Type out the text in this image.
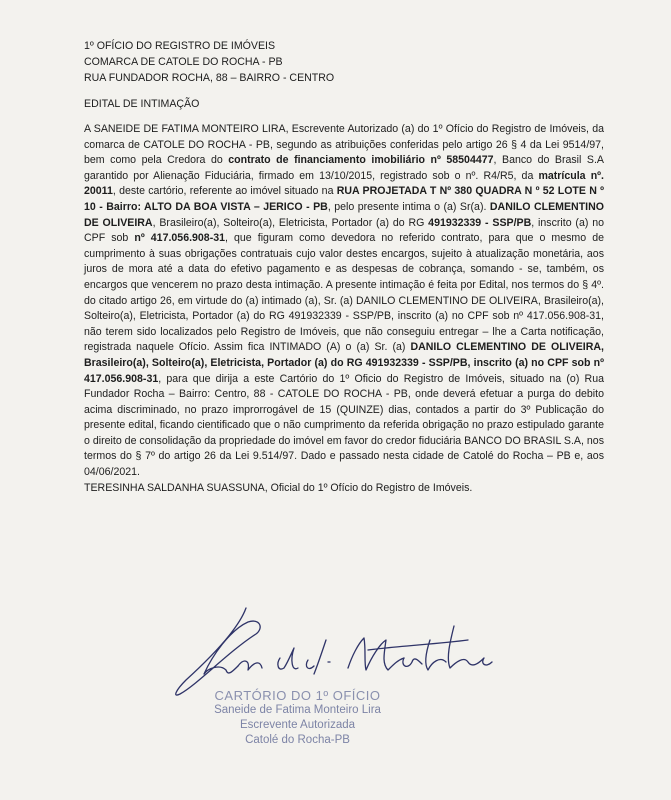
1º OFÍCIO DO REGISTRO DE IMÓVEIS
COMARCA DE CATOLE DO ROCHA - PB
RUA FUNDADOR ROCHA, 88 – BAIRRO - CENTRO
EDITAL DE INTIMAÇÃO
A SANEIDE DE FATIMA MONTEIRO LIRA, Escrevente Autorizado (a) do 1º Ofício do Registro de Imóveis, da comarca de CATOLE DO ROCHA - PB, segundo as atribuições conferidas pelo artigo 26 § 4 da Lei 9514/97, bem como pela Credora do contrato de financiamento imobiliário nº 58504477, Banco do Brasil S.A garantido por Alienação Fiduciária, firmado em 13/10/2015, registrado sob o nº. R4/R5, da matrícula nº. 20011, deste cartório, referente ao imóvel situado na RUA PROJETADA T Nº 380 QUADRA N º 52 LOTE N º 10 - Bairro: ALTO DA BOA VISTA – JERICO - PB, pelo presente intima o (a) Sr(a). DANILO CLEMENTINO DE OLIVEIRA, Brasileiro(a), Solteiro(a), Eletricista, Portador (a) do RG 491932339 - SSP/PB, inscrito (a) no CPF sob nº 417.056.908-31, que figuram como devedora no referido contrato, para que o mesmo de cumprimento à suas obrigações contratuais cujo valor destes encargos, sujeito à atualização monetária, aos juros de mora até a data do efetivo pagamento e as despesas de cobrança, somando - se, também, os encargos que vencerem no prazo desta intimação. A presente intimação é feita por Edital, nos termos do § 4º. do citado artigo 26, em virtude do (a) intimado (a), Sr. (a) DANILO CLEMENTINO DE OLIVEIRA, Brasileiro(a), Solteiro(a), Eletricista, Portador (a) do RG 491932339 - SSP/PB, inscrito (a) no CPF sob nº 417.056.908-31, não terem sido localizados pelo Registro de Imóveis, que não conseguiu entregar – lhe a Carta notificação, registrada naquele Ofício. Assim fica INTIMADO (A) o (a) Sr. (a) DANILO CLEMENTINO DE OLIVEIRA, Brasileiro(a), Solteiro(a), Eletricista, Portador (a) do RG 491932339 - SSP/PB, inscrito (a) no CPF sob nº 417.056.908-31, para que dirija a este Cartório do 1º Oficio do Registro de Imóveis, situado na (o) Rua Fundador Rocha – Bairro: Centro, 88 - CATOLE DO ROCHA - PB, onde deverá efetuar a purga do debito acima discriminado, no prazo improrrogável de 15 (QUINZE) dias, contados a partir do 3º Publicação do presente edital, ficando cientificado que o não cumprimento da referida obrigação no prazo estipulado garante o direito de consolidação da propriedade do imóvel em favor do credor fiduciária BANCO DO BRASIL S.A, nos termos do § 7º do artigo 26 da Lei 9.514/97. Dado e passado nesta cidade de Catolé do Rocha – PB e, aos 04/06/2021.
TERESINHA SALDANHA SUASSUNA, Oficial do 1º Ofício do Registro de Imóveis.
CARTÓRIO DO 1º OFÍCIO
Saneide de Fatima Monteiro Lira
Escrevente Autorizada
Catolé do Rocha-PB
